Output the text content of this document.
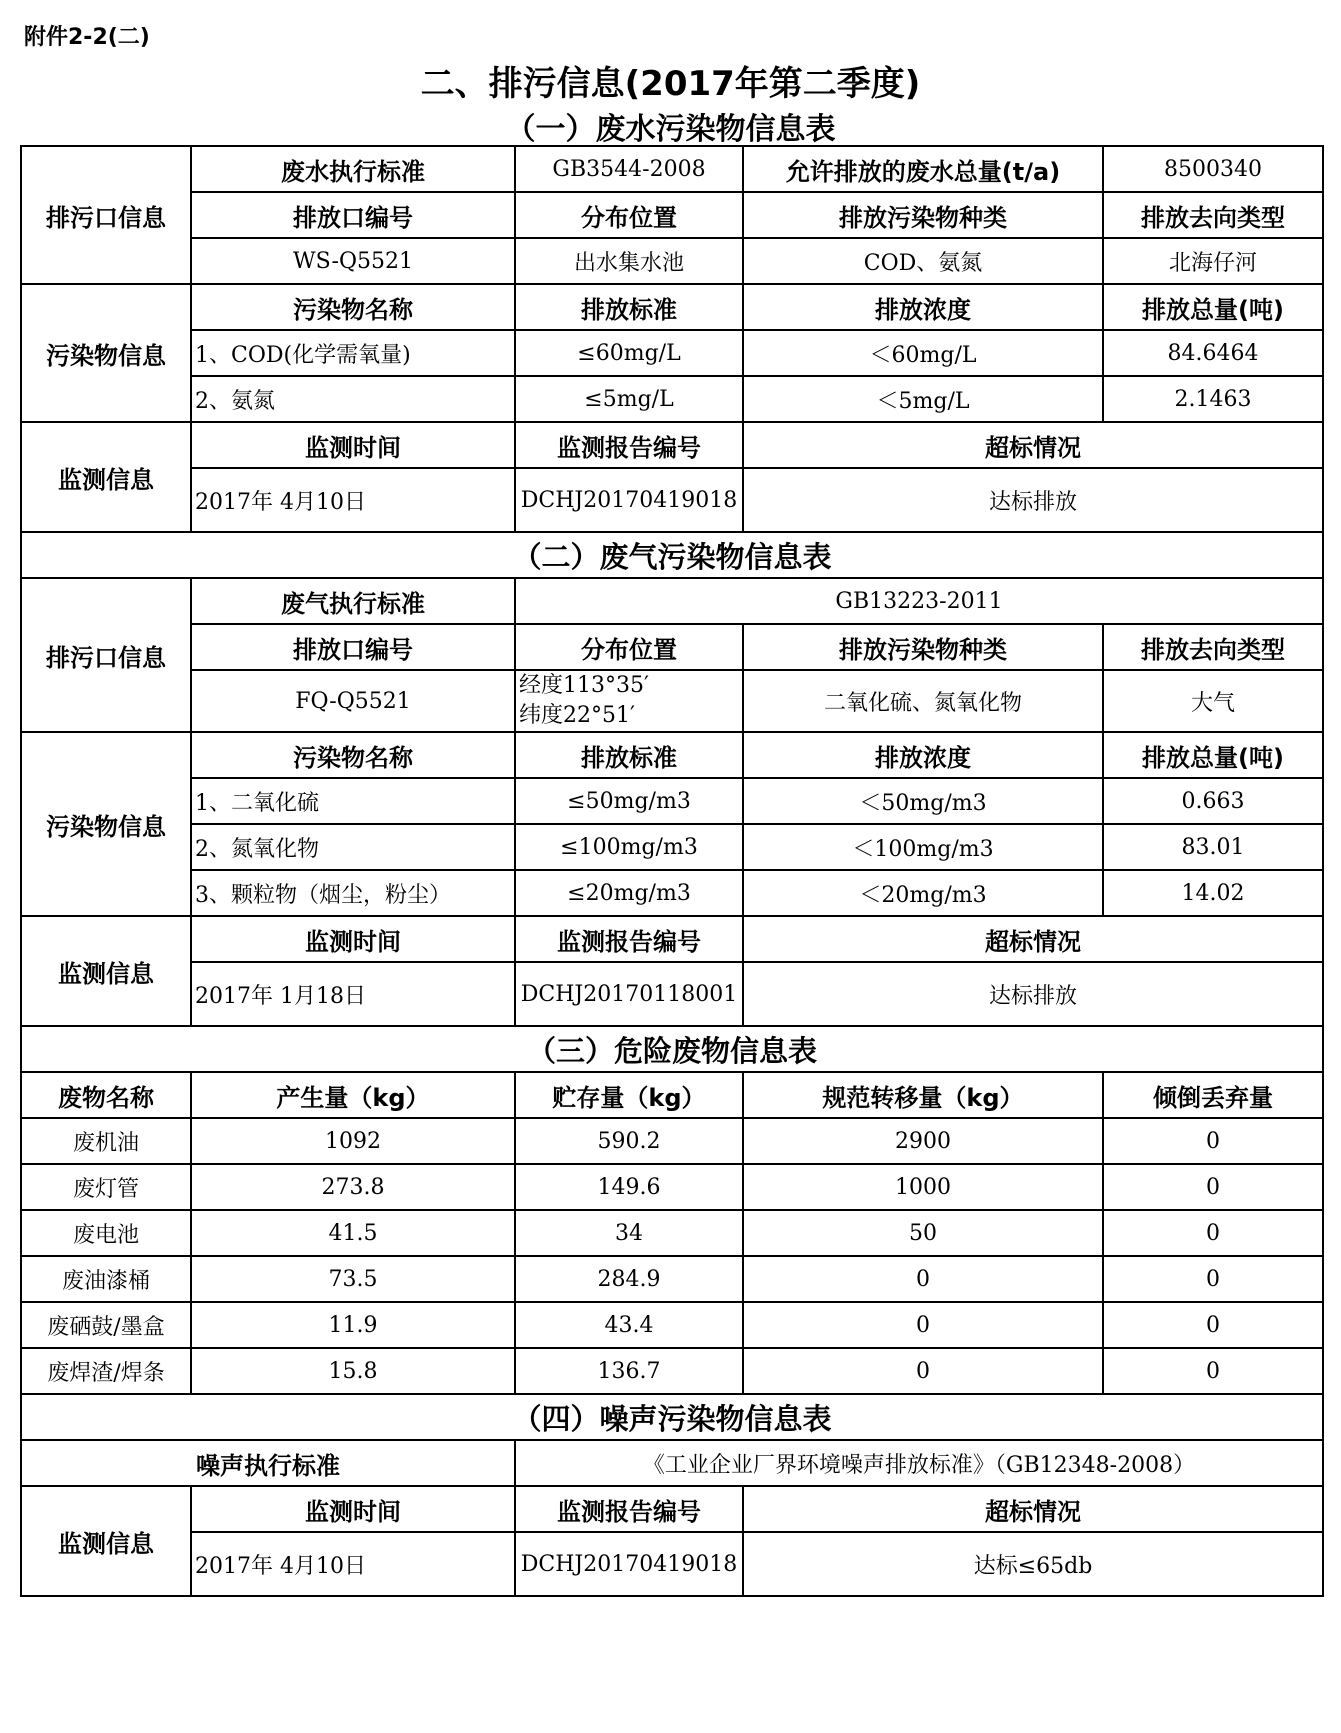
附件2-2(二)
二、排污信息(2017年第二季度)
（一）废水污染物信息表
排污口信息	废水执行标准	GB3544-2008	允许排放的废水总量(t/a)	8500340
	排放口编号	分布位置	排放污染物种类	排放去向类型
	WS-Q5521	出水集水池	COD、氨氮	北海仔河
污染物信息	污染物名称	排放标准	排放浓度	排放总量(吨)
	1、COD(化学需氧量)	≤60mg/L	＜60mg/L	84.6464
	2、氨氮	≤5mg/L	＜5mg/L	2.1463
监测信息	监测时间	监测报告编号	超标情况	
	2017年 4月10日	DCHJ20170419018	达标排放	
（二）废气污染物信息表				
排污口信息	废气执行标准	GB13223-2011		
	排放口编号	分布位置	排放污染物种类	排放去向类型
	FQ-Q5521	经度113°35′
纬度22°51′	二氧化硫、氮氧化物	大气
污染物信息	污染物名称	排放标准	排放浓度	排放总量(吨)
	1、二氧化硫	≤50mg/m3	＜50mg/m3	0.663
	2、氮氧化物	≤100mg/m3	＜100mg/m3	83.01
	3、颗粒物（烟尘，粉尘）	≤20mg/m3	＜20mg/m3	14.02
监测信息	监测时间	监测报告编号	超标情况	
	2017年 1月18日	DCHJ20170118001	达标排放	
（三）危险废物信息表				
废物名称	产生量（kg）	贮存量（kg）	规范转移量（kg）	倾倒丢弃量
废机油	1092	590.2	2900	0
废灯管	273.8	149.6	1000	0
废电池	41.5	34	50	0
废油漆桶	73.5	284.9	0	0
废硒鼓/墨盒	11.9	43.4	0	0
废焊渣/焊条	15.8	136.7	0	0
（四）噪声污染物信息表				
噪声执行标准		《工业企业厂界环境噪声排放标准》（GB12348-2008）		
监测信息	监测时间	监测报告编号	超标情况	
	2017年 4月10日	DCHJ20170419018	达标≤65db	
